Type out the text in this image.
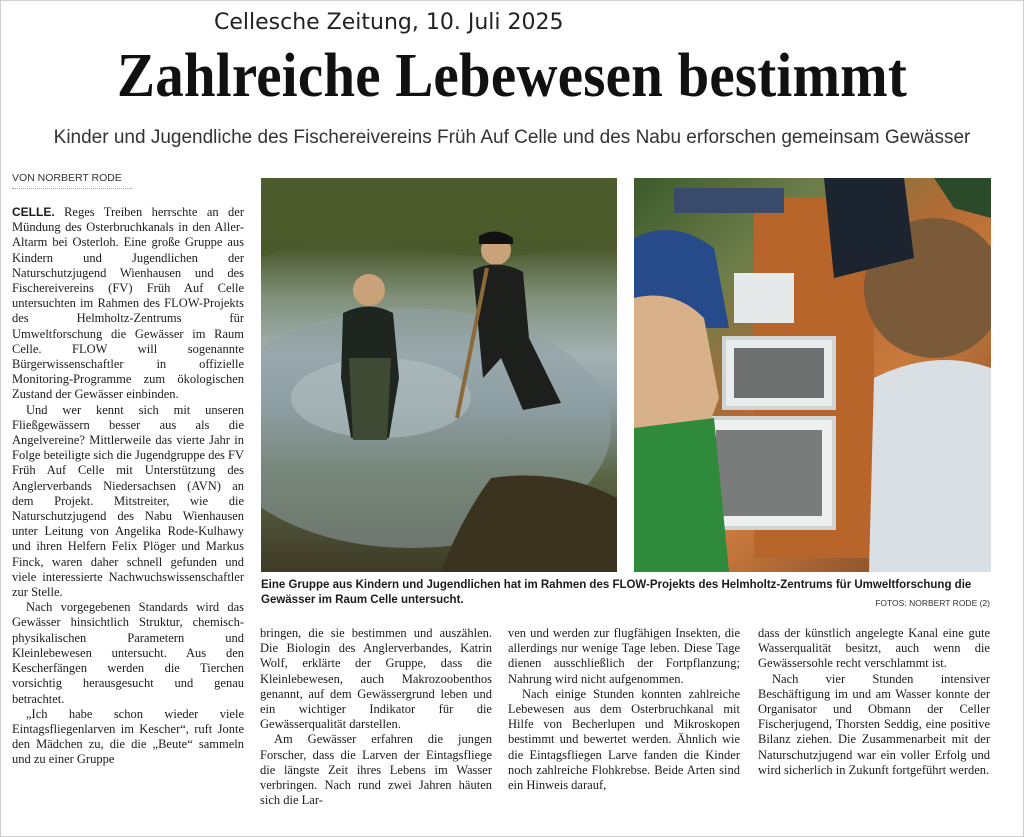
Cellesche Zeitung, 10. Juli 2025
Zahlreiche Lebewesen bestimmt
Kinder und Jugendliche des Fischereivereins Früh Auf Celle und des Nabu erforschen gemeinsam Gewässer
VON NORBERT RODE

CELLE. Reges Treiben herrschte an der Mündung des Osterbruchkanals in den Aller-Altarm bei Osterloh. Eine große Gruppe aus Kindern und Jugendlichen der Naturschutzjugend Wienhausen und des Fischereivereins (FV) Früh Auf Celle untersuchten im Rahmen des FLOW-Projekts des Helmholtz-Zentrums für Umweltforschung die Gewässer im Raum Celle. FLOW will sogenannte Bürgerwissenschaftler in offizielle Monitoring-Programme zum ökologischen Zustand der Gewässer einbinden.

Und wer kennt sich mit unseren Fließgewässern besser aus als die Angelvereine? Mittlerweile das vierte Jahr in Folge beteiligte sich die Jugendgruppe des FV Früh Auf Celle mit Unterstützung des Anglerverbands Niedersachsen (AVN) an dem Projekt. Mitstreiter, wie die Naturschutzjugend des Nabu Wienhausen unter Leitung von Angelika Rode-Kulhawy und ihren Helfern Felix Plöger und Markus Finck, waren daher schnell gefunden und viele interessierte Nachwuchswissenschaftler zur Stelle.

Nach vorgegebenen Standards wird das Gewässer hinsichtlich Struktur, chemisch-physikalischen Parametern und Kleinlebewesen untersucht. Aus den Kescherfängen werden die Tierchen vorsichtig herausgesucht und genau betrachtet.

„Ich habe schon wieder viele Eintagsfliegenlarven im Kescher“, ruft Jonte den Mädchen zu, die die „Beute“ sammeln und zu einer Gruppe

Eine Gruppe aus Kindern und Jugendlichen hat im Rahmen des FLOW-Projekts des Helmholtz-Zentrums für Umweltforschung die Gewässer im Raum Celle untersucht.	FOTOS: NORBERT RODE (2)

bringen, die sie bestimmen und auszählen. Die Biologin des Anglerverbandes, Katrin Wolf, erklärte der Gruppe, dass die Kleinlebewesen, auch Makrozoobenthos genannt, auf dem Gewässergrund leben und ein wichtiger Indikator für die Gewässerqualität darstellen.

Am Gewässer erfahren die jungen Forscher, dass die Larven der Eintagsfliege die längste Zeit ihres Lebens im Wasser verbringen. Nach rund zwei Jahren häuten sich die Lar-

ven und werden zur flugfähigen Insekten, die allerdings nur wenige Tage leben. Diese Tage dienen ausschließlich der Fortpflanzung; Nahrung wird nicht aufgenommen.

Nach einige Stunden konnten zahlreiche Lebewesen aus dem Osterbruchkanal mit Hilfe von Becherlupen und Mikroskopen bestimmt und bewertet werden. Ähnlich wie die Eintagsfliegen Larve fanden die Kinder noch zahlreiche Flohkrebse. Beide Arten sind ein Hinweis darauf,

dass der künstlich angelegte Kanal eine gute Wasserqualität besitzt, auch wenn die Gewässersohle recht verschlammt ist.

Nach vier Stunden intensiver Beschäftigung im und am Wasser konnte der Organisator und Obmann der Celler Fischerjugend, Thorsten Seddig, eine positive Bilanz ziehen. Die Zusammenarbeit mit der Naturschutzjugend war ein voller Erfolg und wird sicherlich in Zukunft fortgeführt werden.
